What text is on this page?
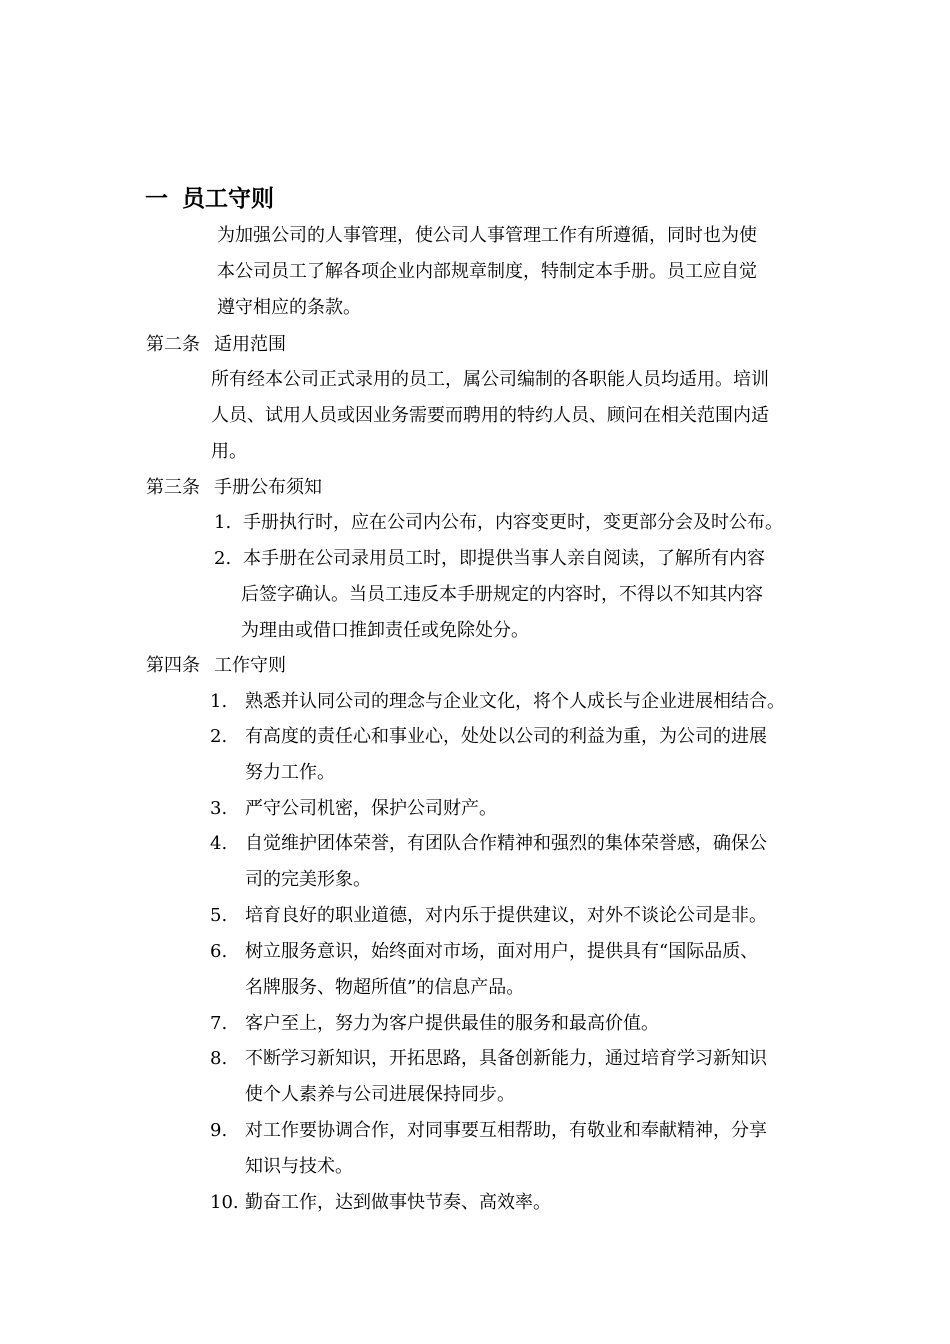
一 员工守则
为加强公司的人事管理，使公司人事管理工作有所遵循，同时也为使
本公司员工了解各项企业内部规章制度，特制定本手册。员工应自觉
遵守相应的条款。
第二条 适用范围
所有经本公司正式录用的员工，属公司编制的各职能人员均适用。培训
人员、试用人员或因业务需要而聘用的特约人员、顾问在相关范围内适
用。
第三条 手册公布须知
1. 手册执行时，应在公司内公布，内容变更时，变更部分会及时公布。
2. 本手册在公司录用员工时，即提供当事人亲自阅读，了解所有内容
后签字确认。当员工违反本手册规定的内容时，不得以不知其内容
为理由或借口推卸责任或免除处分。
第四条 工作守则
1. 熟悉并认同公司的理念与企业文化，将个人成长与企业进展相结合。
2. 有高度的责任心和事业心，处处以公司的利益为重，为公司的进展
努力工作。
3. 严守公司机密，保护公司财产。
4. 自觉维护团体荣誉，有团队合作精神和强烈的集体荣誉感，确保公
司的完美形象。
5. 培育良好的职业道德，对内乐于提供建议，对外不谈论公司是非。
6. 树立服务意识，始终面对市场，面对用户，提供具有“国际品质、
名牌服务、物超所值”的信息产品。
7. 客户至上，努力为客户提供最佳的服务和最高价值。
8. 不断学习新知识，开拓思路，具备创新能力，通过培育学习新知识
使个人素养与公司进展保持同步。
9. 对工作要协调合作，对同事要互相帮助，有敬业和奉献精神，分享
知识与技术。
10. 勤奋工作，达到做事快节奏、高效率。
